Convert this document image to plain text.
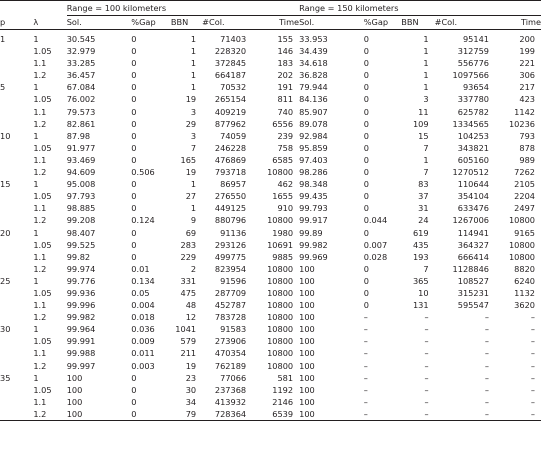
		Range = 100 kilometers					Range = 150 kilometers				
p	λ	Sol.	%Gap	BBN	#Col.	Time	Sol.	%Gap	BBN	#Col.	Time
1	1	30.545	0	1	71403	155	33.953	0	1	95141	200
	1.05	32.979	0	1	228320	146	34.439	0	1	312759	199
	1.1	33.285	0	1	372845	183	34.618	0	1	556776	221
	1.2	36.457	0	1	664187	202	36.828	0	1	1097566	306
5	1	67.084	0	1	70532	191	79.944	0	1	93654	217
	1.05	76.002	0	19	265154	811	84.136	0	3	337780	423
	1.1	79.573	0	3	409219	740	85.907	0	11	625782	1142
	1.2	82.861	0	29	877962	6556	89.078	0	109	1334565	10236
10	1	87.98	0	3	74059	239	92.984	0	15	104253	793
	1.05	91.977	0	7	246228	758	95.859	0	7	343821	878
	1.1	93.469	0	165	476869	6585	97.403	0	1	605160	989
	1.2	94.609	0.506	19	793718	10800	98.286	0	7	1270512	7262
15	1	95.008	0	1	86957	462	98.348	0	83	110644	2105
	1.05	97.793	0	27	276550	1655	99.435	0	37	354104	2204
	1.1	98.885	0	1	449125	910	99.793	0	31	633476	2497
	1.2	99.208	0.124	9	880796	10800	99.917	0.044	24	1267006	10800
20	1	98.407	0	69	91136	1980	99.89	0	619	114941	9165
	1.05	99.525	0	283	293126	10691	99.982	0.007	435	364327	10800
	1.1	99.82	0	229	499775	9885	99.969	0.028	193	666414	10800
	1.2	99.974	0.01	2	823954	10800	100	0	7	1128846	8820
25	1	99.776	0.134	331	91596	10800	100	0	365	108527	6240
	1.05	99.936	0.05	475	287709	10800	100	0	10	315231	1132
	1.1	99.996	0.004	48	452787	10800	100	0	131	595547	3620
	1.2	99.982	0.018	12	783728	10800	100	–	–	–	–
30	1	99.964	0.036	1041	91583	10800	100	–	–	–	–
	1.05	99.991	0.009	579	273906	10800	100	–	–	–	–
	1.1	99.988	0.011	211	470354	10800	100	–	–	–	–
	1.2	99.997	0.003	19	762189	10800	100	–	–	–	–
35	1	100	0	23	77066	581	100	–	–	–	–
	1.05	100	0	30	237368	1192	100	–	–	–	–
	1.1	100	0	34	413932	2146	100	–	–	–	–
	1.2	100	0	79	728364	6539	100	–	–	–	–
